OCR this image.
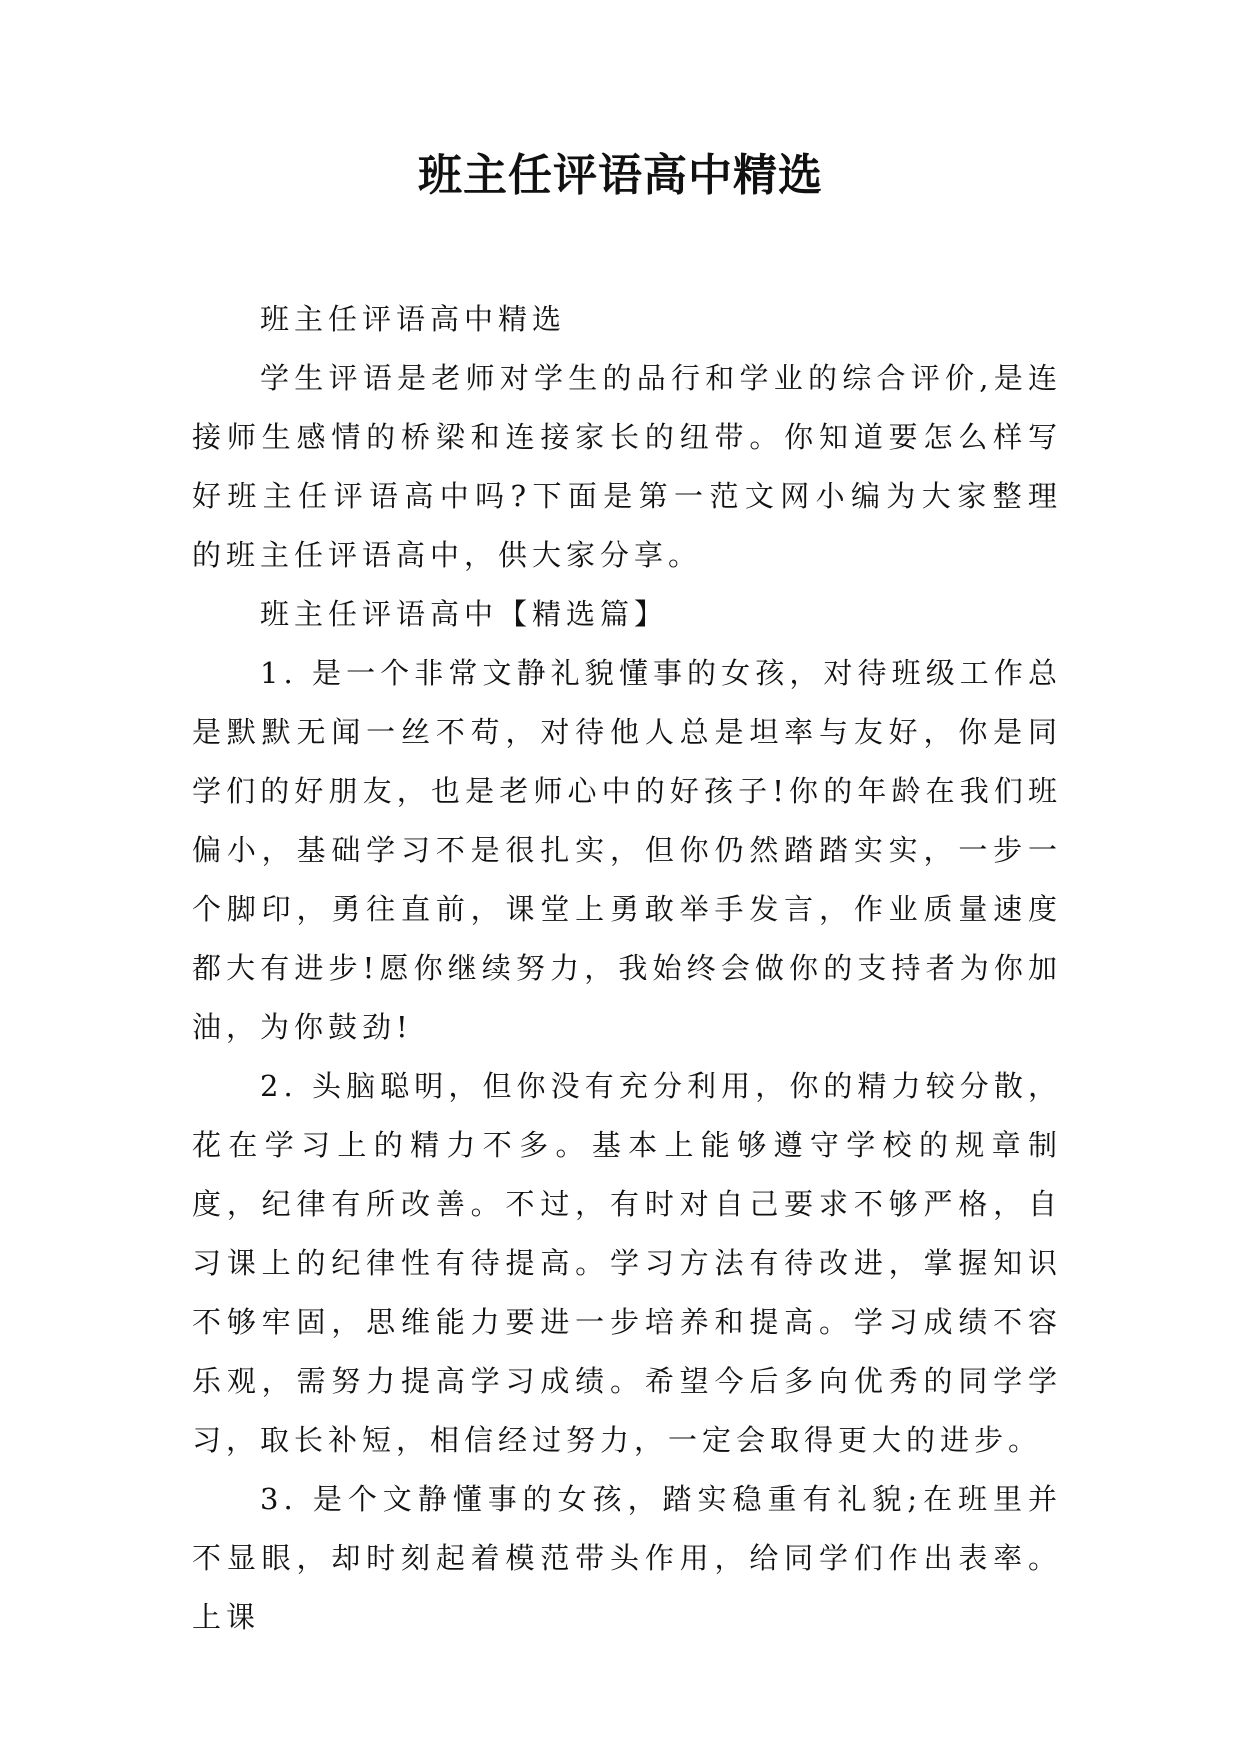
班主任评语高中精选

班主任评语高中精选

学生评语是老师对学生的品行和学业的综合评价,是连接师生感情的桥梁和连接家长的纽带。你知道要怎么样写好班主任评语高中吗?下面是第一范文网小编为大家整理的班主任评语高中，供大家分享。

班主任评语高中【精选篇】

1. 是一个非常文静礼貌懂事的女孩，对待班级工作总是默默无闻一丝不苟，对待他人总是坦率与友好，你是同学们的好朋友，也是老师心中的好孩子!你的年龄在我们班偏小，基础学习不是很扎实，但你仍然踏踏实实，一步一个脚印，勇往直前，课堂上勇敢举手发言，作业质量速度都大有进步!愿你继续努力，我始终会做你的支持者为你加油，为你鼓劲!

2. 头脑聪明，但你没有充分利用，你的精力较分散，花在学习上的精力不多。基本上能够遵守学校的规章制度，纪律有所改善。不过，有时对自己要求不够严格，自习课上的纪律性有待提高。学习方法有待改进，掌握知识不够牢固，思维能力要进一步培养和提高。学习成绩不容乐观，需努力提高学习成绩。希望今后多向优秀的同学学习，取长补短，相信经过努力，一定会取得更大的进步。

3. 是个文静懂事的女孩，踏实稳重有礼貌;在班里并不显眼，却时刻起着模范带头作用，给同学们作出表率。上课
